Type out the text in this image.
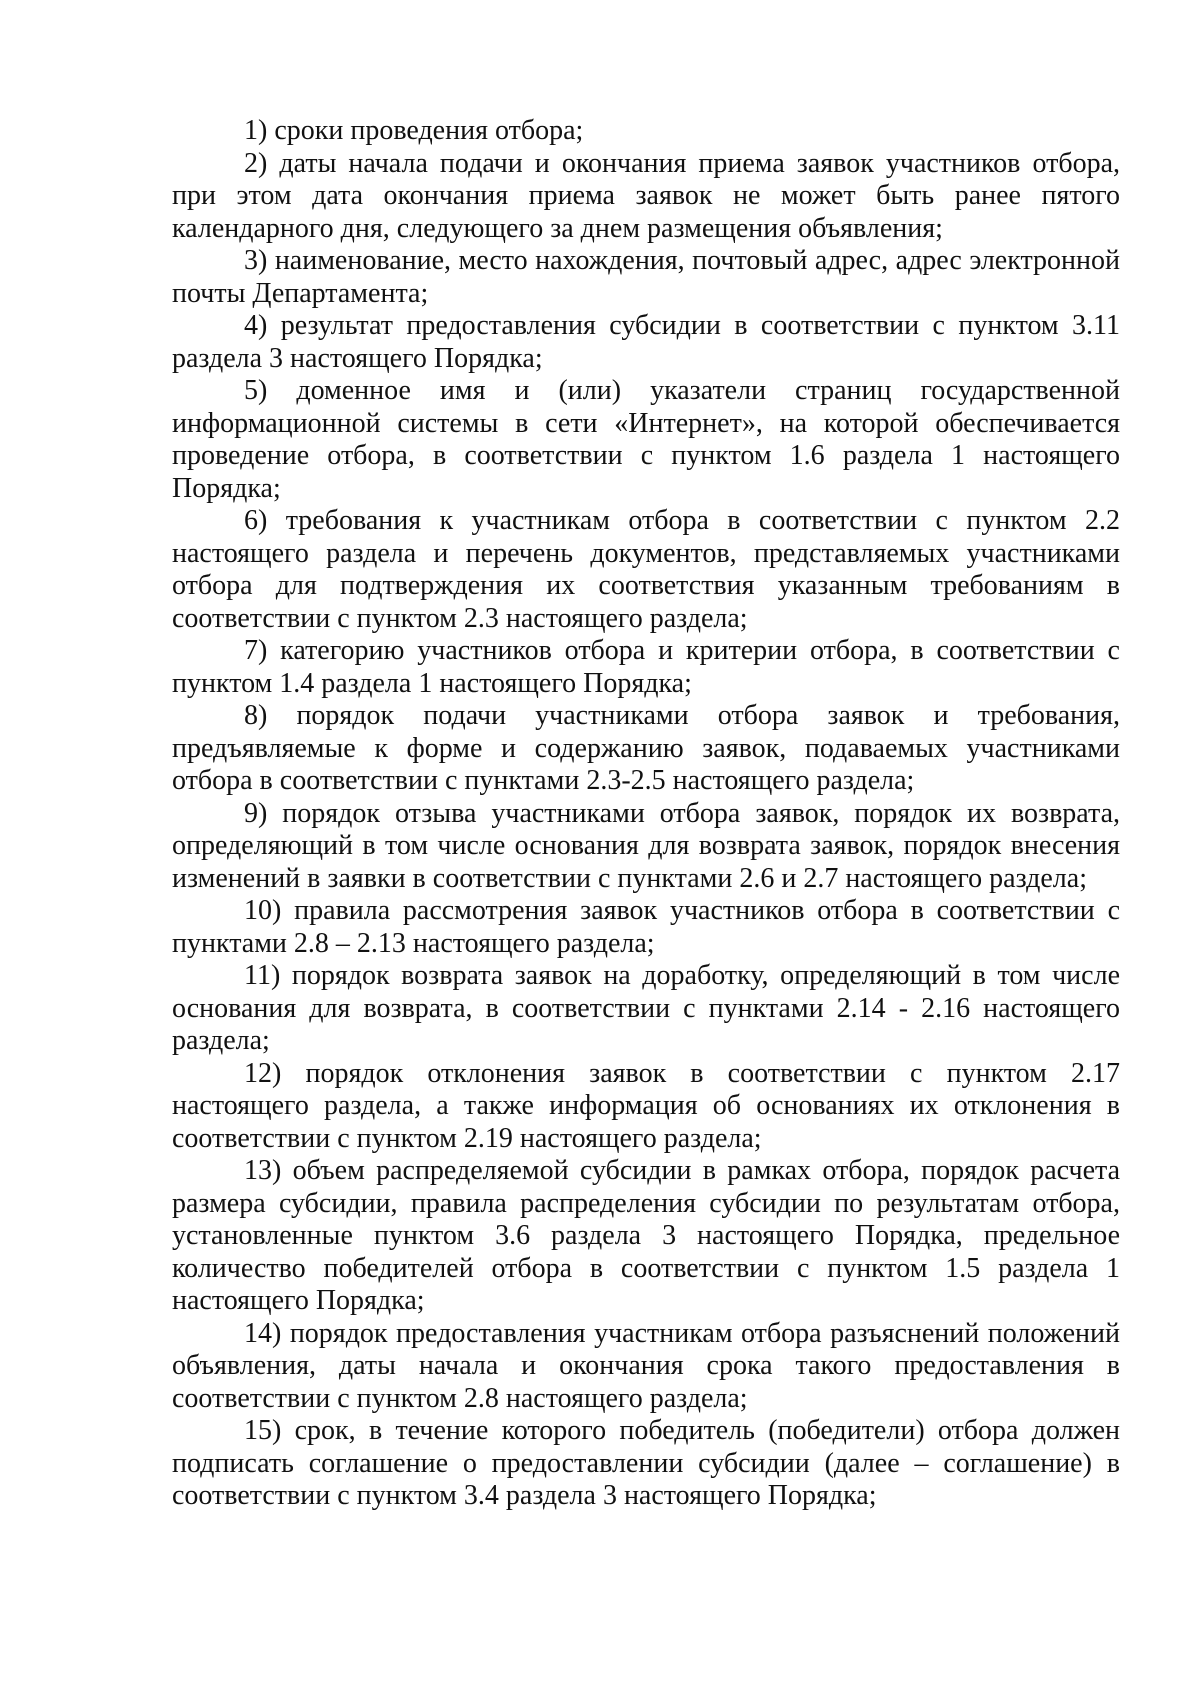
1) сроки проведения отбора;

2) даты начала подачи и окончания приема заявок участников отбора, при этом дата окончания приема заявок не может быть ранее пятого календарного дня, следующего за днем размещения объявления;

3) наименование, место нахождения, почтовый адрес, адрес электронной почты Департамента;

4) результат предоставления субсидии в соответствии с пунктом 3.11 раздела 3 настоящего Порядка;

5) доменное имя и (или) указатели страниц государственной информационной системы в сети «Интернет», на которой обеспечивается проведение отбора, в соответствии с пунктом 1.6 раздела 1 настоящего Порядка;

6) требования к участникам отбора в соответствии с пунктом 2.2 настоящего раздела и перечень документов, представляемых участниками отбора для подтверждения их соответствия указанным требованиям в соответствии с пунктом 2.3 настоящего раздела;

7) категорию участников отбора и критерии отбора, в соответствии с пунктом 1.4 раздела 1 настоящего Порядка;

8) порядок подачи участниками отбора заявок и требования, предъявляемые к форме и содержанию заявок, подаваемых участниками отбора в соответствии с пунктами 2.3-2.5 настоящего раздела;

9) порядок отзыва участниками отбора заявок, порядок их возврата, определяющий в том числе основания для возврата заявок, порядок внесения изменений в заявки в соответствии с пунктами 2.6 и 2.7 настоящего раздела;

10) правила рассмотрения заявок участников отбора в соответствии с пунктами 2.8 – 2.13 настоящего раздела;

11) порядок возврата заявок на доработку, определяющий в том числе основания для возврата, в соответствии с пунктами 2.14 - 2.16 настоящего раздела;

12) порядок отклонения заявок в соответствии с пунктом 2.17 настоящего раздела, а также информация об основаниях их отклонения в соответствии с пунктом 2.19 настоящего раздела;

13) объем распределяемой субсидии в рамках отбора, порядок расчета размера субсидии, правила распределения субсидии по результатам отбора, установленные пунктом 3.6 раздела 3 настоящего Порядка, предельное количество победителей отбора в соответствии с пунктом 1.5 раздела 1 настоящего Порядка;

14) порядок предоставления участникам отбора разъяснений положений объявления, даты начала и окончания срока такого предоставления в соответствии с пунктом 2.8 настоящего раздела;

15) срок, в течение которого победитель (победители) отбора должен подписать соглашение о предоставлении субсидии (далее – соглашение) в соответствии с пунктом 3.4 раздела 3 настоящего Порядка;
